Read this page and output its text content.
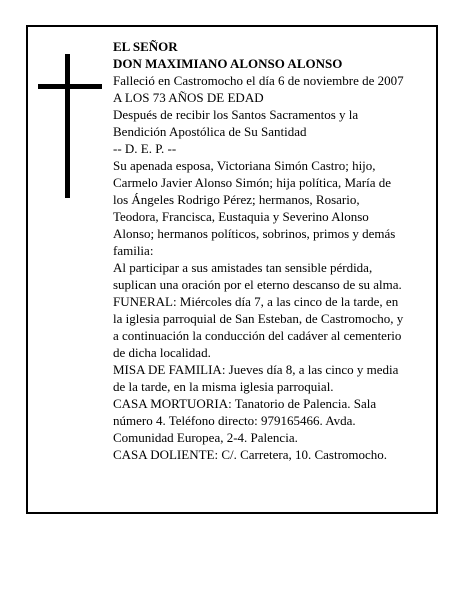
EL SEÑOR
DON MAXIMIANO ALONSO ALONSO
Falleció en Castromocho el día 6 de noviembre de 2007
A LOS 73 AÑOS DE EDAD
Después de recibir los Santos Sacramentos y la
Bendición Apostólica de Su Santidad
-- D. E. P. --
Su apenada esposa, Victoriana Simón Castro; hijo,
Carmelo Javier Alonso Simón; hija política, María de
los Ángeles Rodrigo Pérez; hermanos, Rosario,
Teodora, Francisca, Eustaquia y Severino Alonso
Alonso; hermanos políticos, sobrinos, primos y demás
familia:
Al participar a sus amistades tan sensible pérdida,
suplican una oración por el eterno descanso de su alma.
FUNERAL: Miércoles día 7, a las cinco de la tarde, en
la iglesia parroquial de San Esteban, de Castromocho, y
a continuación la conducción del cadáver al cementerio
de dicha localidad.
MISA DE FAMILIA: Jueves día 8, a las cinco y media
de la tarde, en la misma iglesia parroquial.
CASA MORTUORIA: Tanatorio de Palencia. Sala
número 4. Teléfono directo: 979165466. Avda.
Comunidad Europea, 2-4. Palencia.
CASA DOLIENTE: C/. Carretera, 10. Castromocho.
